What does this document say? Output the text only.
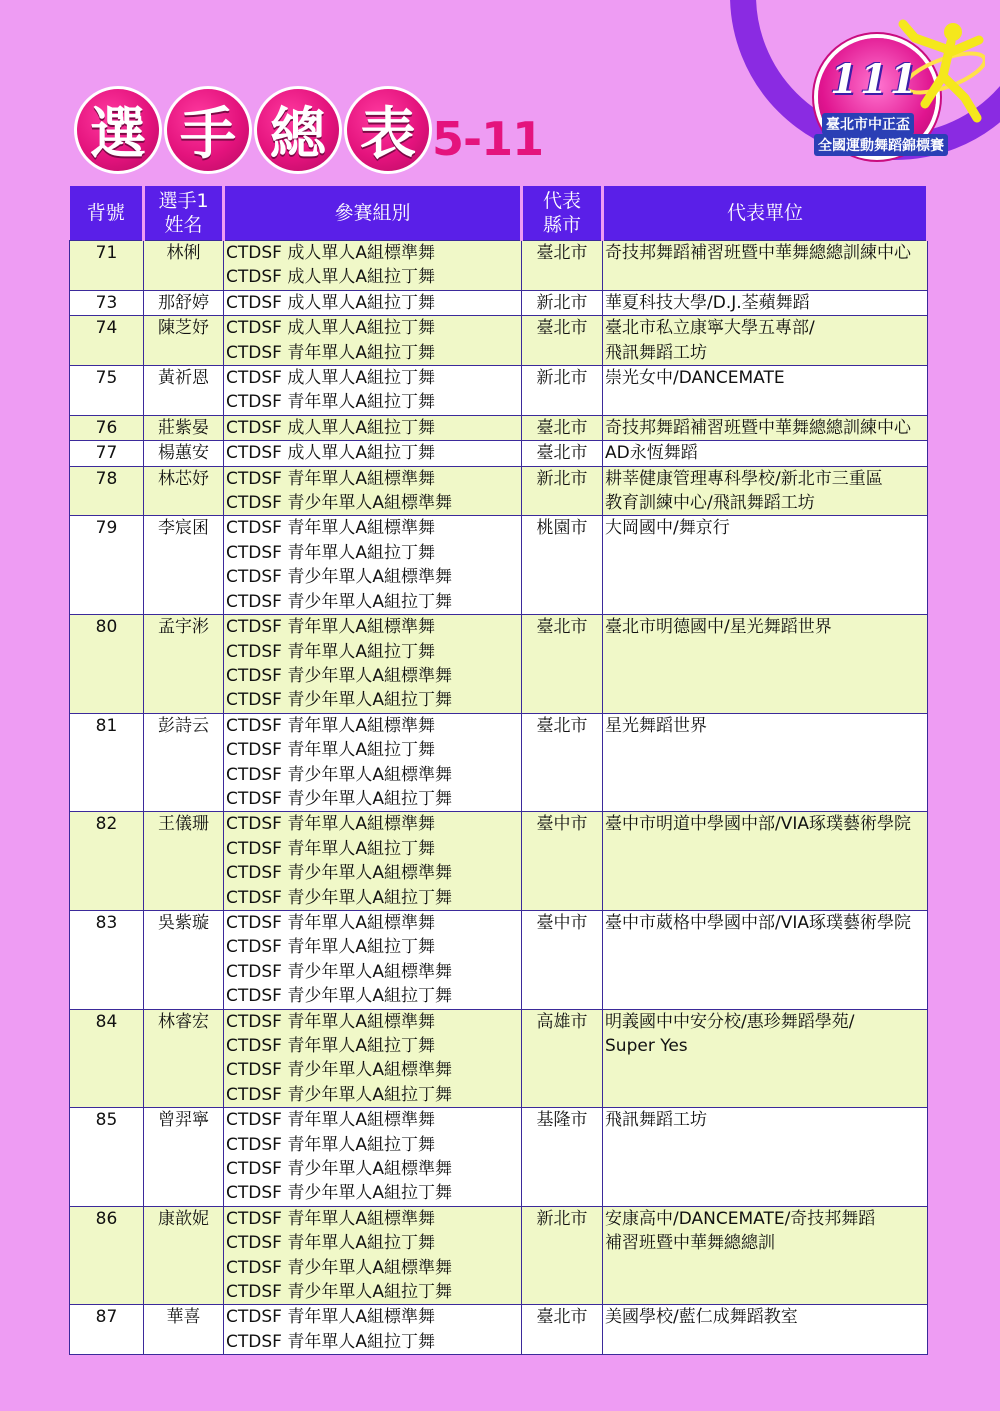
111
臺北市中正盃
全國運動舞蹈錦標賽
選 手 總 表 5-11
背號	選手1
姓名	參賽組別	代表
縣市	代表單位
71	林俐	CTDSF 成人單人A組標準舞
CTDSF 成人單人A組拉丁舞	臺北市	奇技邦舞蹈補習班暨中華舞總總訓練中心

73	那舒婷	CTDSF 成人單人A組拉丁舞	新北市	華夏科技大學/D.J.荃蘋舞蹈

74	陳芝妤	CTDSF 成人單人A組拉丁舞
CTDSF 青年單人A組拉丁舞	臺北市	臺北市私立康寧大學五專部/
飛訊舞蹈工坊

75	黃祈恩	CTDSF 成人單人A組拉丁舞
CTDSF 青年單人A組拉丁舞	新北市	崇光女中/DANCEMATE

76	莊紫晏	CTDSF 成人單人A組拉丁舞	臺北市	奇技邦舞蹈補習班暨中華舞總總訓練中心

77	楊蕙安	CTDSF 成人單人A組拉丁舞	臺北市	AD永恆舞蹈

78	林芯妤	CTDSF 青年單人A組標準舞
CTDSF 青少年單人A組標準舞	新北市	耕莘健康管理專科學校/新北市三重區
教育訓練中心/飛訊舞蹈工坊

79	李宸囷	CTDSF 青年單人A組標準舞
CTDSF 青年單人A組拉丁舞
CTDSF 青少年單人A組標準舞
CTDSF 青少年單人A組拉丁舞	桃園市	大岡國中/舞京行

80	孟宇涁	CTDSF 青年單人A組標準舞
CTDSF 青年單人A組拉丁舞
CTDSF 青少年單人A組標準舞
CTDSF 青少年單人A組拉丁舞	臺北市	臺北市明德國中/星光舞蹈世界

81	彭詩云	CTDSF 青年單人A組標準舞
CTDSF 青年單人A組拉丁舞
CTDSF 青少年單人A組標準舞
CTDSF 青少年單人A組拉丁舞	臺北市	星光舞蹈世界

82	王儀珊	CTDSF 青年單人A組標準舞
CTDSF 青年單人A組拉丁舞
CTDSF 青少年單人A組標準舞
CTDSF 青少年單人A組拉丁舞	臺中市	臺中市明道中學國中部/VIA琢璞藝術學院

83	吳紫璇	CTDSF 青年單人A組標準舞
CTDSF 青年單人A組拉丁舞
CTDSF 青少年單人A組標準舞
CTDSF 青少年單人A組拉丁舞	臺中市	臺中市葳格中學國中部/VIA琢璞藝術學院

84	林睿宏	CTDSF 青年單人A組標準舞
CTDSF 青年單人A組拉丁舞
CTDSF 青少年單人A組標準舞
CTDSF 青少年單人A組拉丁舞	高雄市	明義國中中安分校/惠珍舞蹈學苑/
Super Yes

85	曾羿寧	CTDSF 青年單人A組標準舞
CTDSF 青年單人A組拉丁舞
CTDSF 青少年單人A組標準舞
CTDSF 青少年單人A組拉丁舞	基隆市	飛訊舞蹈工坊

86	康歆妮	CTDSF 青年單人A組標準舞
CTDSF 青年單人A組拉丁舞
CTDSF 青少年單人A組標準舞
CTDSF 青少年單人A組拉丁舞	新北市	安康高中/DANCEMATE/奇技邦舞蹈
補習班暨中華舞總總訓

87	華喜	CTDSF 青年單人A組標準舞
CTDSF 青年單人A組拉丁舞	臺北市	美國學校/藍仁成舞蹈教室
